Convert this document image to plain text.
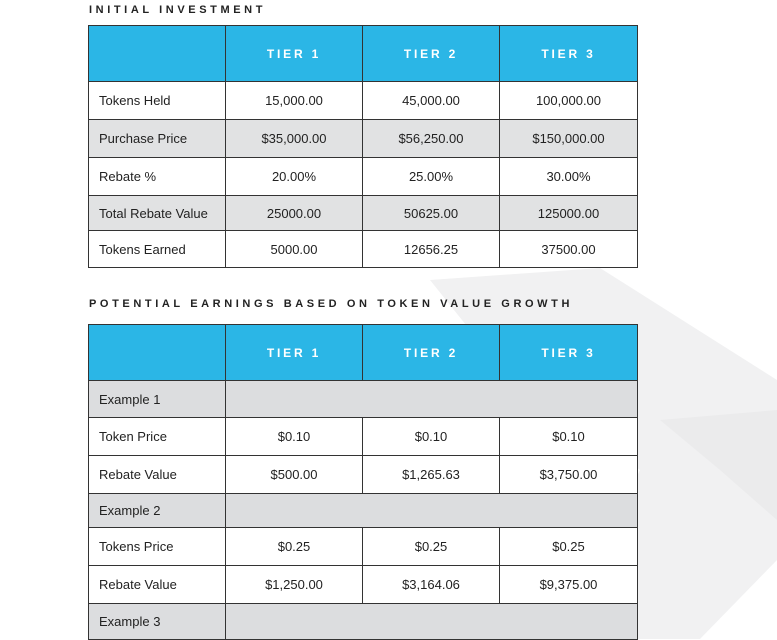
INITIAL INVESTMENT
	TIER 1	TIER 2	TIER 3
Tokens Held	15,000.00	45,000.00	100,000.00
Purchase Price	$35,000.00	$56,250.00	$150,000.00
Rebate %	20.00%	25.00%	30.00%
Total Rebate Value	25000.00	50625.00	125000.00
Tokens Earned	5000.00	12656.25	37500.00
POTENTIAL EARNINGS BASED ON TOKEN VALUE GROWTH
	TIER 1	TIER 2	TIER 3
Example 1			
Token Price	$0.10	$0.10	$0.10
Rebate Value	$500.00	$1,265.63	$3,750.00
Example 2			
Tokens Price	$0.25	$0.25	$0.25
Rebate Value	$1,250.00	$3,164.06	$9,375.00
Example 3			
